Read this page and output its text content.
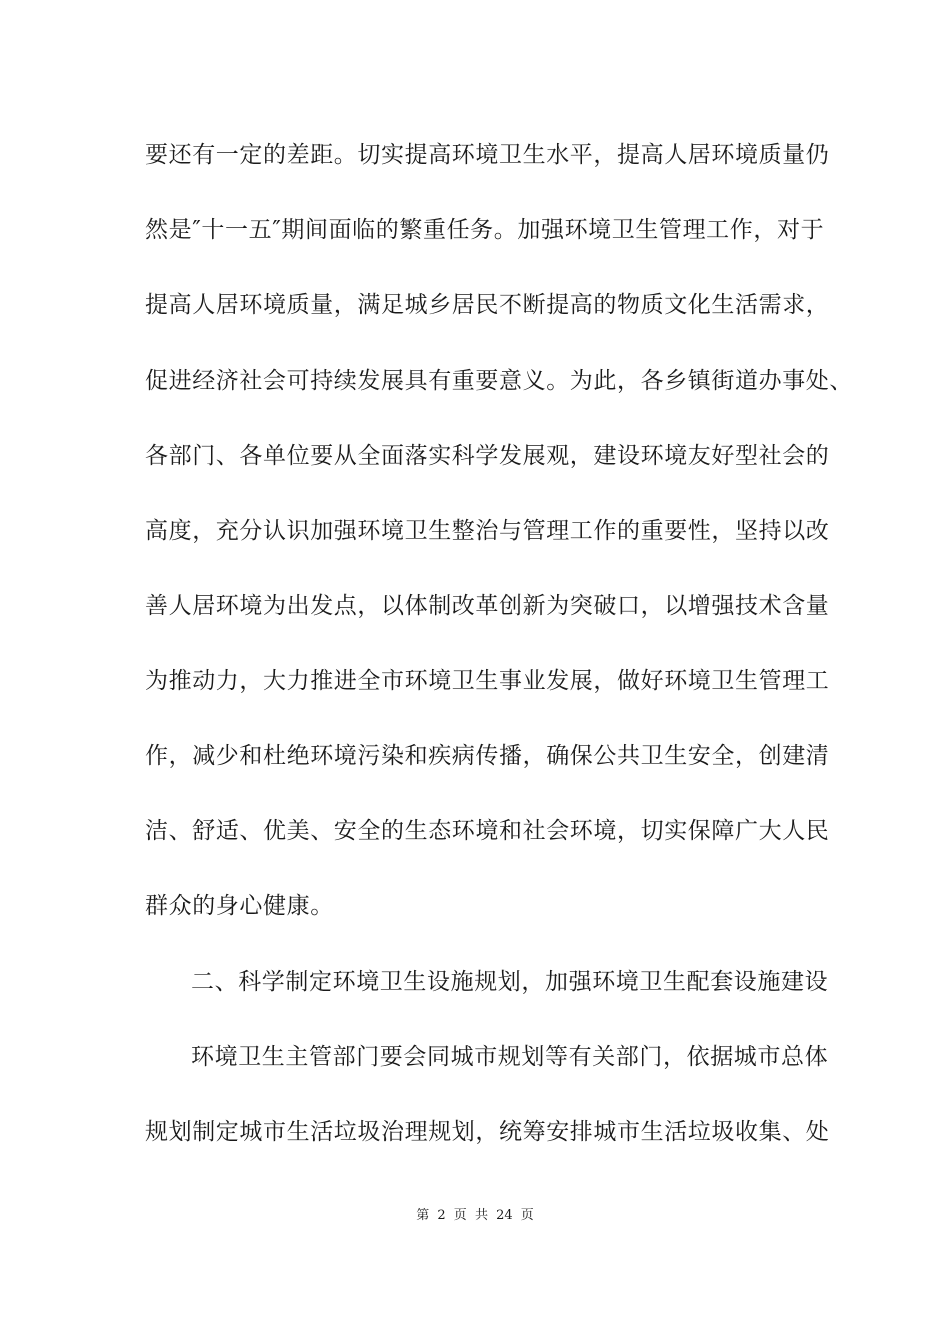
要还有一定的差距。切实提高环境卫生水平，提高人居环境质量仍
然是″十一五″期间面临的繁重任务。加强环境卫生管理工作，对于
提高人居环境质量，满足城乡居民不断提高的物质文化生活需求，
促进经济社会可持续发展具有重要意义。为此，各乡镇街道办事处、
各部门、各单位要从全面落实科学发展观，建设环境友好型社会的
高度，充分认识加强环境卫生整治与管理工作的重要性，坚持以改
善人居环境为出发点，以体制改革创新为突破口，以增强技术含量
为推动力，大力推进全市环境卫生事业发展，做好环境卫生管理工
作，减少和杜绝环境污染和疾病传播，确保公共卫生安全，创建清
洁、舒适、优美、安全的生态环境和社会环境，切实保障广大人民
群众的身心健康。
二、科学制定环境卫生设施规划，加强环境卫生配套设施建设
环境卫生主管部门要会同城市规划等有关部门，依据城市总体
规划制定城市生活垃圾治理规划，统筹安排城市生活垃圾收集、处
第 2 页 共 24 页
